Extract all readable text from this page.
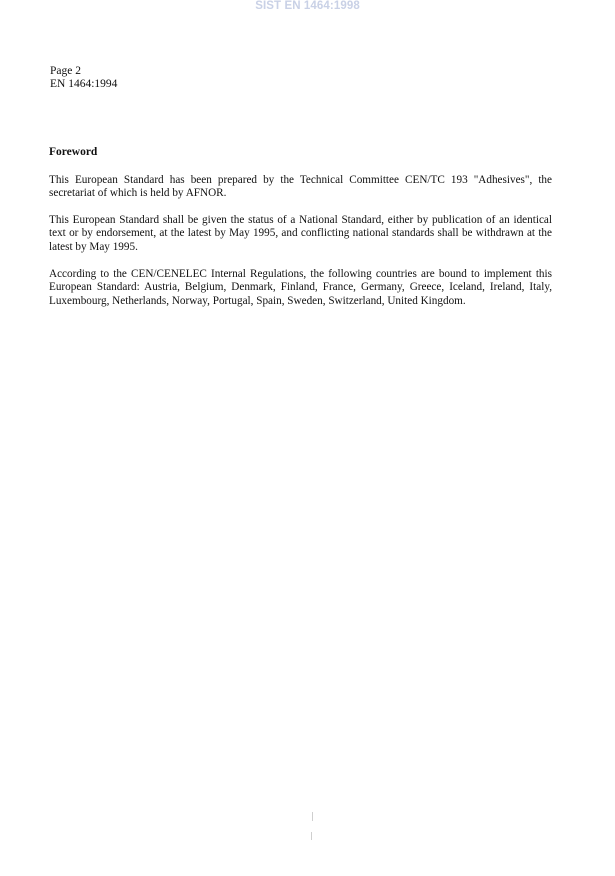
SIST EN 1464:1998
Page 2
EN 1464:1994
Foreword
This European Standard has been prepared by the Technical Committee CEN/TC 193 "Adhesives", the secretariat of which is held by AFNOR.
This European Standard shall be given the status of a National Standard, either by publication of an identical text or by endorsement, at the latest by May 1995, and conflicting national standards shall be withdrawn at the latest by May 1995.
According to the CEN/CENELEC Internal Regulations, the following countries are bound to implement this European Standard: Austria, Belgium, Denmark, Finland, France, Germany, Greece, Iceland, Ireland, Italy, Luxembourg, Netherlands, Norway, Portugal, Spain, Sweden, Switzerland, United Kingdom.
